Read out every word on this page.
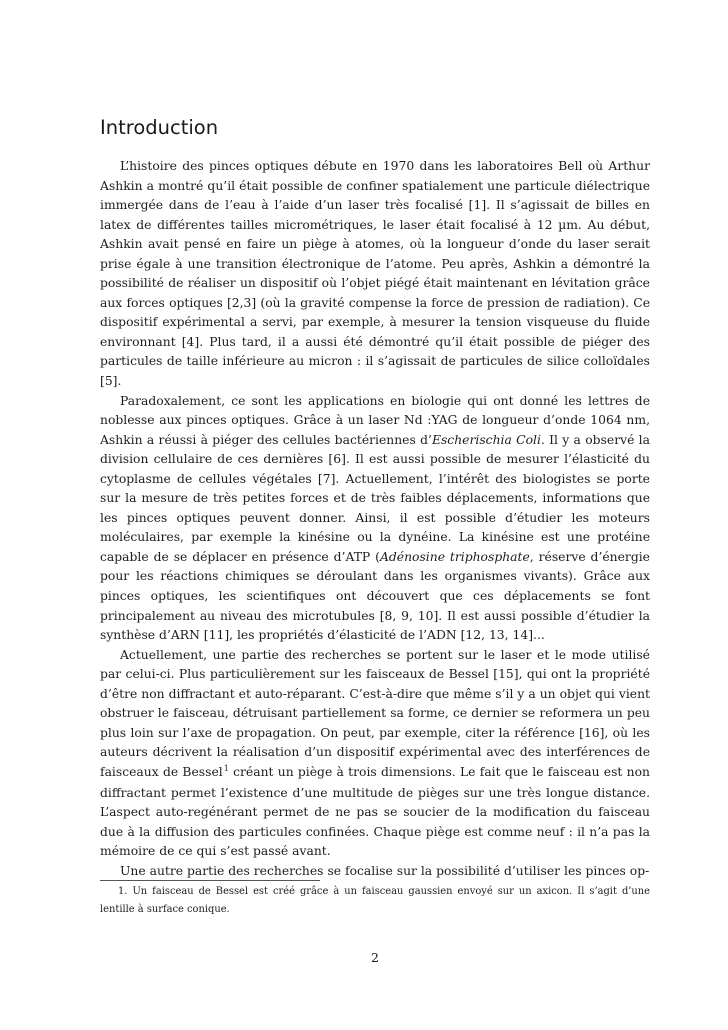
Introduction

L’histoire des pinces optiques débute en 1970 dans les laboratoires Bell où Arthur Ashkin a montré qu’il était possible de confiner spatialement une particule diélectrique immergée dans de l’eau à l’aide d’un laser très focalisé [1]. Il s’agissait de billes en latex de différentes tailles micrométriques, le laser était focalisé à 12 µm. Au début, Ashkin avait pensé en faire un piège à atomes, où la longueur d’onde du laser serait prise égale à une transition électronique de l’atome. Peu après, Ashkin a démontré la possibilité de réaliser un dispositif où l’objet piégé était maintenant en lévitation grâce aux forces optiques [2,3] (où la gravité compense la force de pression de radiation). Ce dispositif expérimental a servi, par exemple, à mesurer la tension visqueuse du fluide environnant [4]. Plus tard, il a aussi été démontré qu’il était possible de piéger des particules de taille inférieure au micron : il s’agissait de particules de silice colloïdales [5].

Paradoxalement, ce sont les applications en biologie qui ont donné les lettres de noblesse aux pinces optiques. Grâce à un laser Nd :YAG de longueur d’onde 1064 nm, Ashkin a réussi à piéger des cellules bactériennes d’Escherischia Coli. Il y a observé la division cellulaire de ces dernières [6]. Il est aussi possible de mesurer l’élasticité du cytoplasme de cellules végétales [7]. Actuellement, l’intérêt des biologistes se porte sur la mesure de très petites forces et de très faibles déplacements, informations que les pinces optiques peuvent donner. Ainsi, il est possible d’étudier les moteurs moléculaires, par exemple la kinésine ou la dynéine. La kinésine est une protéine capable de se déplacer en présence d’ATP (Adénosine triphosphate, réserve d’énergie pour les réactions chimiques se déroulant dans les organismes vivants). Grâce aux pinces optiques, les scientifiques ont découvert que ces déplacements se font principalement au niveau des microtubules [8, 9, 10]. Il est aussi possible d’étudier la synthèse d’ARN [11], les propriétés d’élasticité de l’ADN [12, 13, 14]...

Actuellement, une partie des recherches se portent sur le laser et le mode utilisé par celui-ci. Plus particulièrement sur les faisceaux de Bessel [15], qui ont la propriété d’être non diffractant et auto-réparant. C’est-à-dire que même s’il y a un objet qui vient obstruer le faisceau, détruisant partiellement sa forme, ce dernier se reformera un peu plus loin sur l’axe de propagation. On peut, par exemple, citer la référence [16], où les auteurs décrivent la réalisation d’un dispositif expérimental avec des interférences de faisceaux de Bessel$^1$ créant un piège à trois dimensions. Le fait que le faisceau est non diffractant permet l’existence d’une multitude de pièges sur une très longue distance. L’aspect auto-regénérant permet de ne pas se soucier de la modification du faisceau due à la diffusion des particules confinées. Chaque piège est comme neuf : il n’a pas la mémoire de ce qui s’est passé avant.

Une autre partie des recherches se focalise sur la possibilité d’utiliser les pinces op-

1. Un faisceau de Bessel est créé grâce à un faisceau gaussien envoyé sur un axicon. Il s’agit d’une lentille à surface conique.
2
